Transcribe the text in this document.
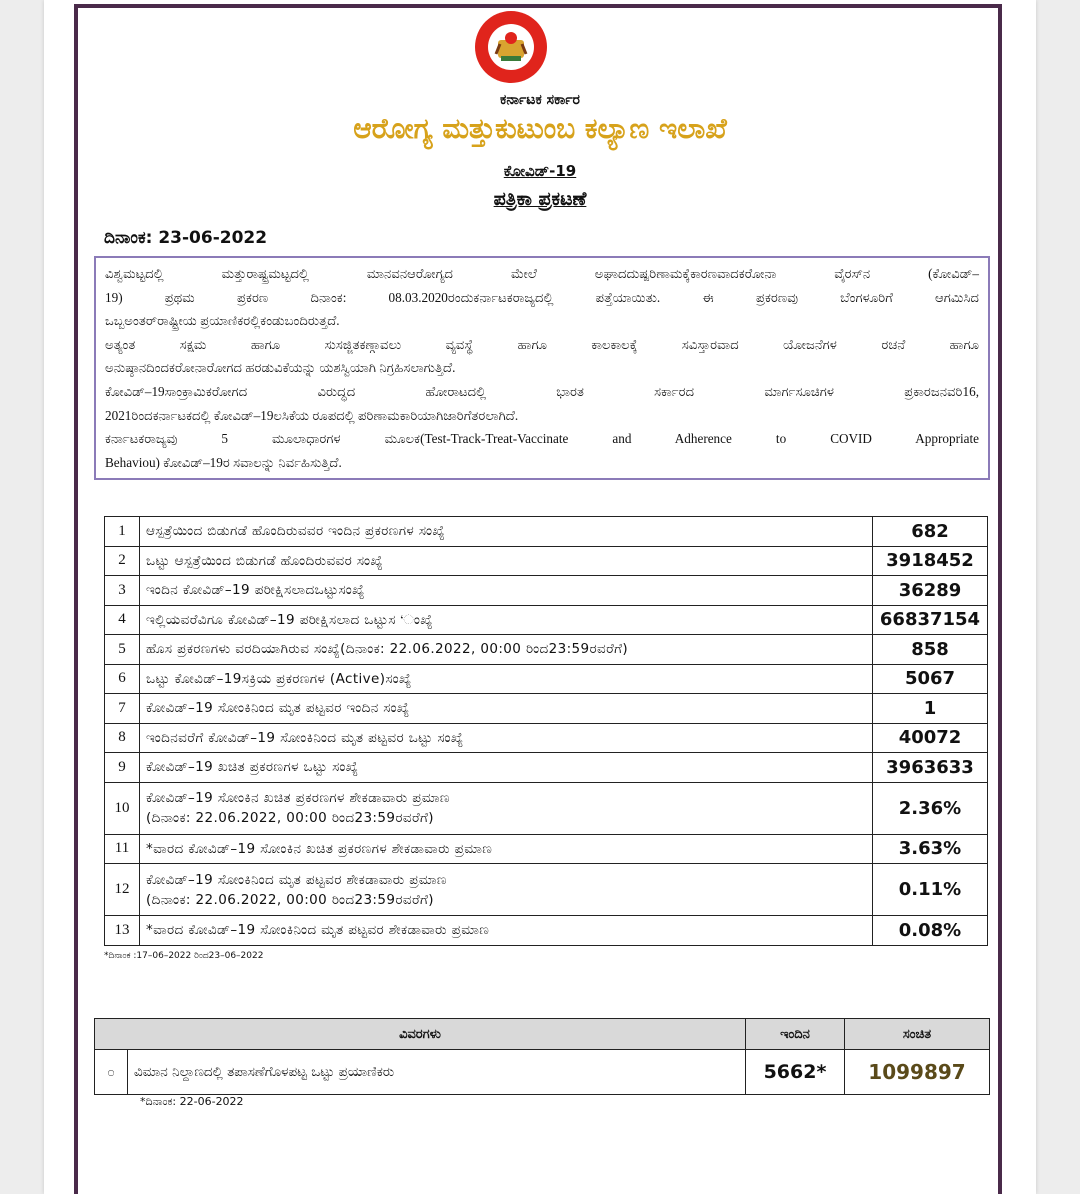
ಕರ್ನಾಟಕ ಸರ್ಕಾರ
ಆರೋಗ್ಯ ಮತ್ತುಕುಟುಂಬ ಕಲ್ಯಾಣ ಇಲಾಖೆ
ಕೋವಿಡ್-19
ಪತ್ರಿಕಾ ಪ್ರಕಟಣೆ
ದಿನಾಂಕ: 23-06-2022

ವಿಶ್ವಮಟ್ಟದಲ್ಲಿ ಮತ್ತುರಾಷ್ಟ್ರಮಟ್ಟದಲ್ಲಿ ಮಾನವನಆರೋಗ್ಯದ ಮೇಲೆ ಅಘಾದದುಷ್ಪರಿಣಾಮಕ್ಕೆಕಾರಣವಾದಕರೋನಾ ವೈರಸ್‌ನ (ಕೋವಿಡ್–

19) ಪ್ರಥಮ ಪ್ರಕರಣ ದಿನಾಂಕ: 08.03.2020ರಂದುಕರ್ನಾಟಕರಾಜ್ಯದಲ್ಲಿ ಪತ್ತೆಯಾಯಿತು. ಈ ಪ್ರಕರಣವು ಬೆಂಗಳೂರಿಗೆ ಆಗಮಿಸಿದ

ಒಬ್ಬಅಂತರ್‌ರಾಷ್ಟ್ರೀಯ ಪ್ರಯಾಣಿಕರಲ್ಲಿಕಂಡುಬಂದಿರುತ್ತದೆ.

ಅತ್ಯಂತ ಸಕ್ಷಮ ಹಾಗೂ ಸುಸಜ್ಜಿತಕಣ್ಗಾವಲು ವ್ಯವಸ್ಥೆ ಹಾಗೂ ಕಾಲಕಾಲಕ್ಕೆ ಸವಿಸ್ತಾರವಾದ ಯೋಜನೆಗಳ ರಚನೆ ಹಾಗೂ

ಅನುಷ್ಠಾನದಿಂದಕರೋನಾರೋಗದ ಹರಡುವಿಕೆಯನ್ನು ಯಶಸ್ವಿಯಾಗಿ ನಿಗ್ರಹಿಸಲಾಗುತ್ತಿದೆ.

ಕೋವಿಡ್–19ಸಾಂಕ್ರಾಮಿಕರೋಗದ ವಿರುದ್ಧದ ಹೋರಾಟದಲ್ಲಿ ಭಾರತ ಸರ್ಕಾರದ ಮಾರ್ಗಸೂಚಿಗಳ ಪ್ರಕಾರಜನವರಿ16,

2021ರಿಂದಕರ್ನಾಟಕದಲ್ಲಿ ಕೋವಿಡ್–19ಲಸಿಕೆಯ ರೂಪದಲ್ಲಿ ಪರಿಣಾಮಕಾರಿಯಾಗಿಜಾರಿಗೆತರಲಾಗಿದೆ.

ಕರ್ನಾಟಕರಾಜ್ಯವು 5 ಮೂಲಾಧಾರಗಳ ಮೂಲಕ(Test-Track-Treat-Vaccinate and Adherence to COVID Appropriate

Behaviou) ಕೋವಿಡ್–19ರ ಸವಾಲನ್ನು ನಿರ್ವಹಿಸುತ್ತಿದೆ.

1	ಆಸ್ಪತ್ರೆಯಿಂದ ಬಿಡುಗಡೆ ಹೊಂದಿರುವವರ ಇಂದಿನ ಪ್ರಕರಣಗಳ ಸಂಖ್ಯೆ	682
2	ಒಟ್ಟು ಆಸ್ಪತ್ರೆಯಿಂದ ಬಿಡುಗಡೆ ಹೊಂದಿರುವವರ ಸಂಖ್ಯೆ	3918452
3	ಇಂದಿನ ಕೋವಿಡ್–19 ಪರೀಕ್ಷಿಸಲಾದಒಟ್ಟುಸಂಖ್ಯೆ	36289
4	ಇಲ್ಲಿಯವರೆವಿಗೂ ಕೋವಿಡ್–19 ಪರೀಕ್ಷಿಸಲಾದ ಒಟ್ಟುಸ ‘ಂಖ್ಯೆ	66837154
5	ಹೊಸ ಪ್ರಕರಣಗಳು ವರದಿಯಾಗಿರುವ ಸಂಖ್ಯೆ(ದಿನಾಂಕ: 22.06.2022, 00:00 ರಿಂದ23:59ರವರೆಗೆ)	858
6	ಒಟ್ಟು ಕೋವಿಡ್–19ಸಕ್ರಿಯ ಪ್ರಕರಣಗಳ (Active)ಸಂಖ್ಯೆ	5067
7	ಕೋವಿಡ್–19 ಸೋಂಕಿನಿಂದ ಮೃತ ಪಟ್ಟವರ ಇಂದಿನ ಸಂಖ್ಯೆ	1
8	ಇಂದಿನವರೆಗೆ ಕೋವಿಡ್–19 ಸೋಂಕಿನಿಂದ ಮೃತ ಪಟ್ಟವರ ಒಟ್ಟು ಸಂಖ್ಯೆ	40072
9	ಕೋವಿಡ್–19 ಖಚಿತ ಪ್ರಕರಣಗಳ ಒಟ್ಟು ಸಂಖ್ಯೆ	3963633
10	ಕೋವಿಡ್–19 ಸೋಂಕಿನ ಖಚಿತ ಪ್ರಕರಣಗಳ ಶೇಕಡಾವಾರು ಪ್ರಮಾಣ
(ದಿನಾಂಕ: 22.06.2022, 00:00 ರಿಂದ23:59ರವರೆಗೆ)	2.36%
11	*ವಾರದ ಕೋವಿಡ್–19 ಸೋಂಕಿನ ಖಚಿತ ಪ್ರಕರಣಗಳ ಶೇಕಡಾವಾರು ಪ್ರಮಾಣ	3.63%
12	ಕೋವಿಡ್–19 ಸೋಂಕಿನಿಂದ ಮೃತ ಪಟ್ಟವರ ಶೇಕಡಾವಾರು ಪ್ರಮಾಣ
(ದಿನಾಂಕ: 22.06.2022, 00:00 ರಿಂದ23:59ರವರೆಗೆ)	0.11%
13	*ವಾರದ ಕೋವಿಡ್–19 ಸೋಂಕಿನಿಂದ ಮೃತ ಪಟ್ಟವರ ಶೇಕಡಾವಾರು ಪ್ರಮಾಣ	0.08%
*ದಿನಾಂಕ :17–06–2022 ರಿಂದ23–06–2022
ವಿವರಗಳು		ಇಂದಿನ	ಸಂಚಿತ
೦	ವಿಮಾನ ನಿಲ್ದಾಣದಲ್ಲಿ ತಪಾಸಣೆಗೊಳಪಟ್ಟ ಒಟ್ಟು ಪ್ರಯಾಣಿಕರು	5662*	1099897
*ದಿನಾಂಕ: 22-06-2022
